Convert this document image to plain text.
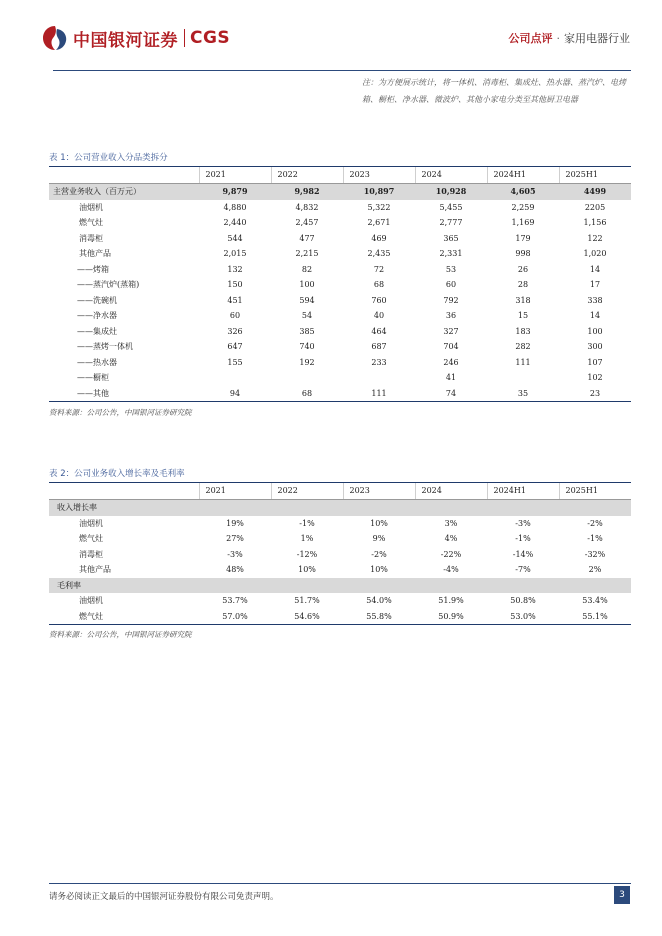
中国银河证券 CGS	公司点评 · 家用电器行业
注：为方便展示统计，将一体机、消毒柜、集成灶、热水器、蒸汽炉、电烤箱、橱柜、净水器、微波炉、其他小家电分类至其他厨卫电器
表 1：公司营业收入分品类拆分
	2021	2022	2023	2024	2024H1	2025H1
主营业务收入（百万元）	9,879	9,982	10,897	10,928	4,605	4499
油烟机	4,880	4,832	5,322	5,455	2,259	2205
燃气灶	2,440	2,457	2,671	2,777	1,169	1,156
消毒柜	544	477	469	365	179	122
其他产品	2,015	2,215	2,435	2,331	998	1,020
——烤箱	132	82	72	53	26	14
——蒸汽炉(蒸箱)	150	100	68	60	28	17
——洗碗机	451	594	760	792	318	338
——净水器	60	54	40	36	15	14
——集成灶	326	385	464	327	183	100
——蒸烤一体机	647	740	687	704	282	300
——热水器	155	192	233	246	111	107
——橱柜				41		102
——其他	94	68	111	74	35	23
资料来源：公司公告，中国银河证券研究院
表 2：公司业务收入增长率及毛利率
	2021	2022	2023	2024	2024H1	2025H1
收入增长率						
油烟机	19%	-1%	10%	3%	-3%	-2%
燃气灶	27%	1%	9%	4%	-1%	-1%
消毒柜	-3%	-12%	-2%	-22%	-14%	-32%
其他产品	48%	10%	10%	-4%	-7%	2%
毛利率						
油烟机	53.7%	51.7%	54.0%	51.9%	50.8%	53.4%
燃气灶	57.0%	54.6%	55.8%	50.9%	53.0%	55.1%
资料来源：公司公告，中国银河证券研究院
请务必阅读正文最后的中国银河证券股份有限公司免责声明。	3
